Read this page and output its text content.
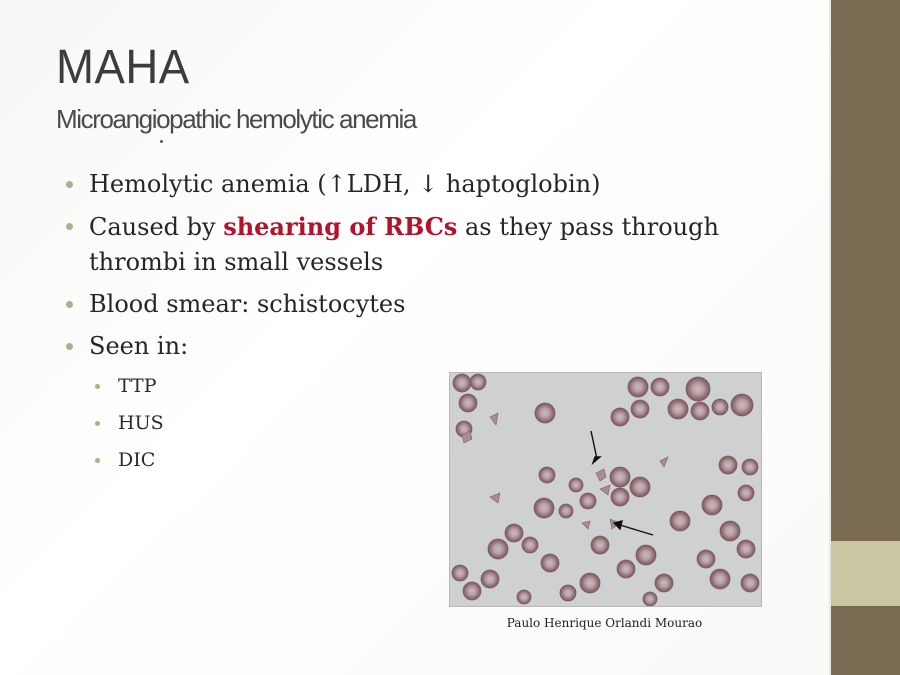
MAHA
Microangiopathic hemolytic anemia
Hemolytic anemia (↑LDH, ↓ haptoglobin)
Caused by shearing of RBCs as they pass through thrombi in small vessels
Blood smear: schistocytes
Seen in:
TTP
HUS
DIC
Paulo Henrique Orlandi Mourao
